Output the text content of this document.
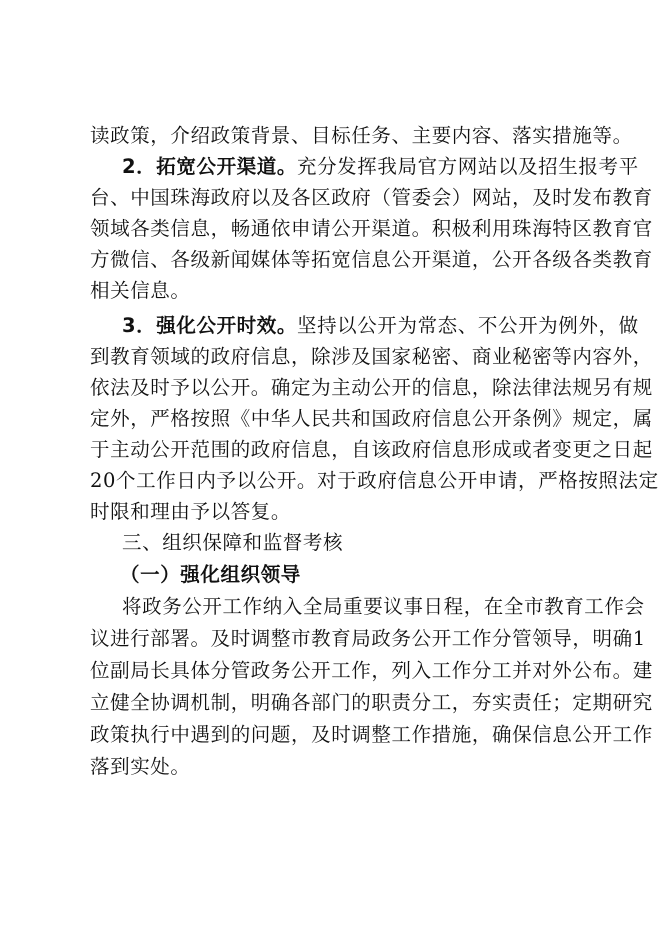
读政策，介绍政策背景、目标任务、主要内容、落实措施等。
2．拓宽公开渠道。充分发挥我局官方网站以及招生报考平
台、中国珠海政府以及各区政府（管委会）网站，及时发布教育
领域各类信息，畅通依申请公开渠道。积极利用珠海特区教育官
方微信、各级新闻媒体等拓宽信息公开渠道，公开各级各类教育
相关信息。
3．强化公开时效。坚持以公开为常态、不公开为例外，做
到教育领域的政府信息，除涉及国家秘密、商业秘密等内容外，
依法及时予以公开。确定为主动公开的信息，除法律法规另有规
定外，严格按照《中华人民共和国政府信息公开条例》规定，属
于主动公开范围的政府信息，自该政府信息形成或者变更之日起
20个工作日内予以公开。对于政府信息公开申请，严格按照法定
时限和理由予以答复。
三、组织保障和监督考核
（一）强化组织领导
将政务公开工作纳入全局重要议事日程，在全市教育工作会
议进行部署。及时调整市教育局政务公开工作分管领导，明确1
位副局长具体分管政务公开工作，列入工作分工并对外公布。建
立健全协调机制，明确各部门的职责分工，夯实责任；定期研究
政策执行中遇到的问题，及时调整工作措施，确保信息公开工作
落到实处。
